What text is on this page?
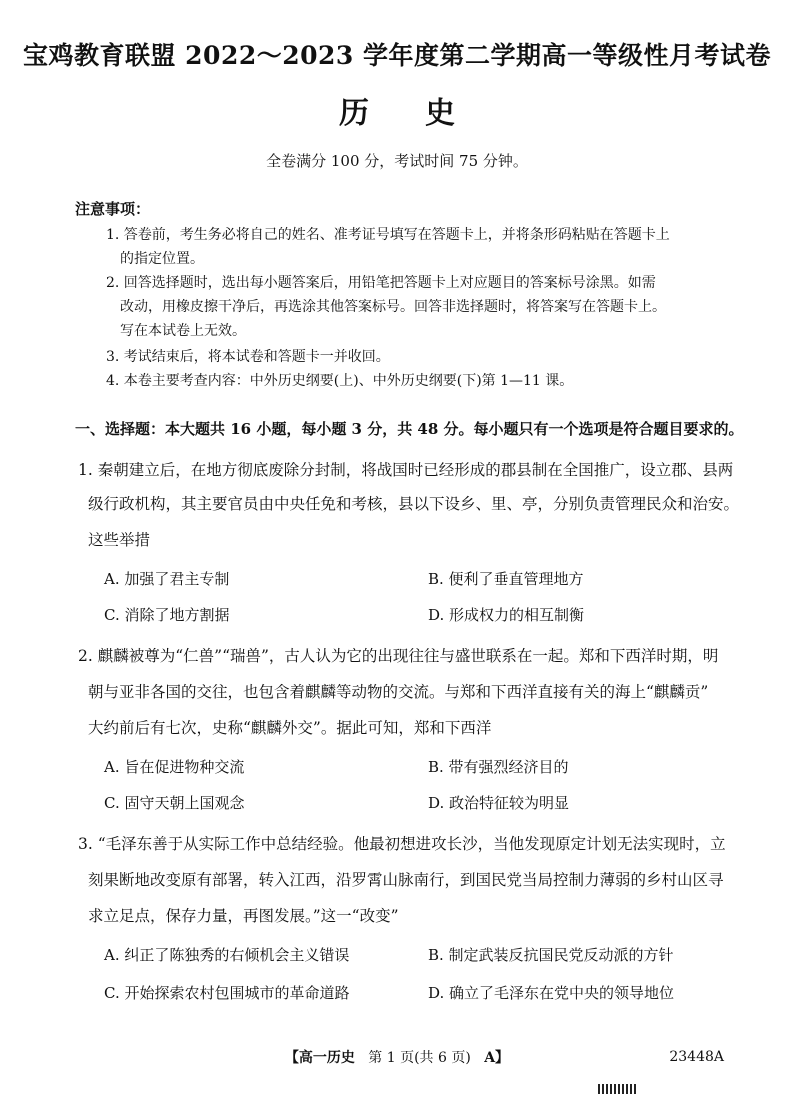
宝鸡教育联盟 2022～2023 学年度第二学期高一等级性月考试卷
历史
全卷满分 100 分，考试时间 75 分钟。
注意事项：
1. 答卷前，考生务必将自己的姓名、准考证号填写在答题卡上，并将条形码粘贴在答题卡上
的指定位置。
2. 回答选择题时，选出每小题答案后，用铅笔把答题卡上对应题目的答案标号涂黑。如需
改动，用橡皮擦干净后，再选涂其他答案标号。回答非选择题时，将答案写在答题卡上。
写在本试卷上无效。
3. 考试结束后，将本试卷和答题卡一并收回。
4. 本卷主要考查内容：中外历史纲要(上)、中外历史纲要(下)第 1—11 课。
一、选择题：本大题共 16 小题，每小题 3 分，共 48 分。每小题只有一个选项是符合题目要求的。
1. 秦朝建立后，在地方彻底废除分封制，将战国时已经形成的郡县制在全国推广，设立郡、县两
级行政机构，其主要官员由中央任免和考核，县以下设乡、里、亭，分别负责管理民众和治安。
这些举措
A. 加强了君主专制	B. 便利了垂直管理地方
C. 消除了地方割据	D. 形成权力的相互制衡
2. 麒麟被尊为“仁兽”“瑞兽”，古人认为它的出现往往与盛世联系在一起。郑和下西洋时期，明
朝与亚非各国的交往，也包含着麒麟等动物的交流。与郑和下西洋直接有关的海上“麒麟贡”
大约前后有七次，史称“麒麟外交”。据此可知，郑和下西洋
A. 旨在促进物种交流	B. 带有强烈经济目的
C. 固守天朝上国观念	D. 政治特征较为明显
3. “毛泽东善于从实际工作中总结经验。他最初想进攻长沙，当他发现原定计划无法实现时，立
刻果断地改变原有部署，转入江西，沿罗霄山脉南行，到国民党当局控制力薄弱的乡村山区寻
求立足点，保存力量，再图发展。”这一“改变”
A. 纠正了陈独秀的右倾机会主义错误	B. 制定武装反抗国民党反动派的方针
C. 开始探索农村包围城市的革命道路	D. 确立了毛泽东在党中央的领导地位
【高一历史 第 1 页(共 6 页) A】	23448A
